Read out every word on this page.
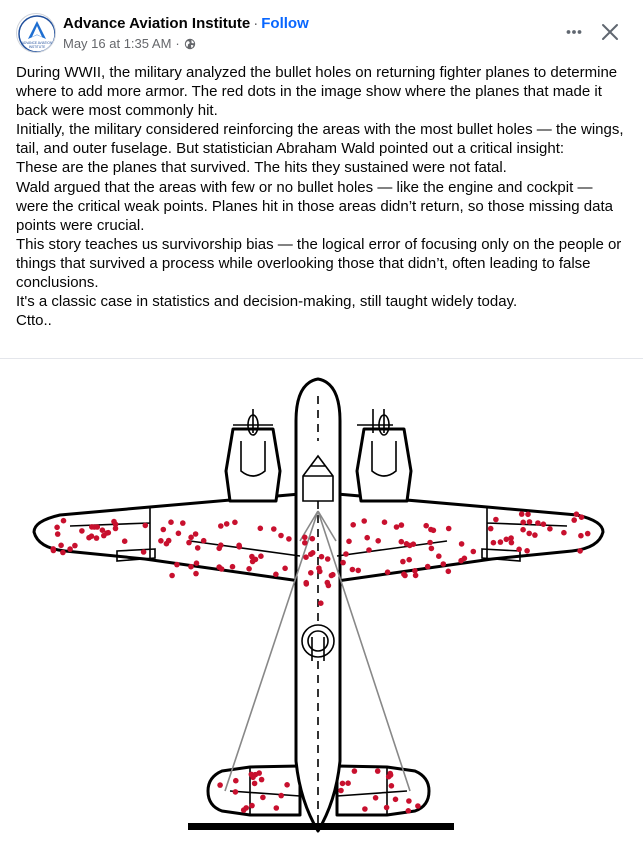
ADVANCE AVIATION
INSTITUTE
Advance Aviation Institute · Follow
May 16 at 1:35 AM ·

During WWII, the military analyzed the bullet holes on returning fighter planes to determine where to add more armor. The red dots in the image show where the planes that made it back were most commonly hit.

Initially, the military considered reinforcing the areas with the most bullet holes — the wings, tail, and outer fuselage. But statistician Abraham Wald pointed out a critical insight:

These are the planes that survived. The hits they sustained were not fatal.

Wald argued that the areas with few or no bullet holes — like the engine and cockpit — were the critical weak points. Planes hit in those areas didn’t return, so those missing data points were crucial.

This story teaches us survivorship bias — the logical error of focusing only on the people or things that survived a process while overlooking those that didn’t, often leading to false conclusions.

It's a classic case in statistics and decision-making, still taught widely today.

Ctto..
